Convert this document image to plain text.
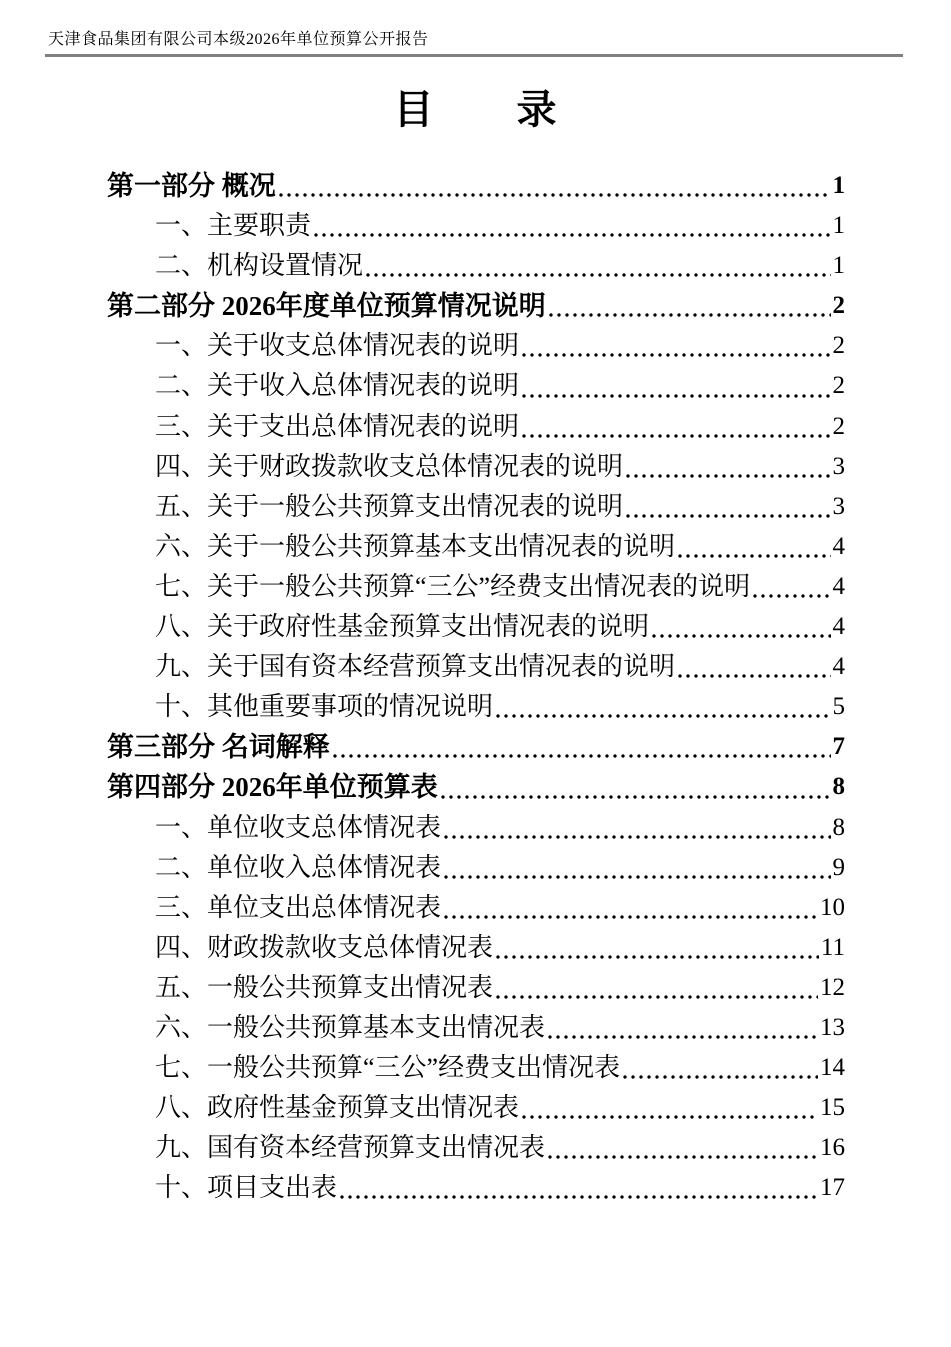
天津食品集团有限公司本级2026年单位预算公开报告
目　　录
第一部分 概况	1
一、主要职责	1
二、机构设置情况	1
第二部分 2026年度单位预算情况说明	2
一、关于收支总体情况表的说明	2
二、关于收入总体情况表的说明	2
三、关于支出总体情况表的说明	2
四、关于财政拨款收支总体情况表的说明	3
五、关于一般公共预算支出情况表的说明	3
六、关于一般公共预算基本支出情况表的说明	4
七、关于一般公共预算“三公”经费支出情况表的说明	4
八、关于政府性基金预算支出情况表的说明	4
九、关于国有资本经营预算支出情况表的说明	4
十、其他重要事项的情况说明	5
第三部分 名词解释	7
第四部分 2026年单位预算表	8
一、单位收支总体情况表	8
二、单位收入总体情况表	9
三、单位支出总体情况表	10
四、财政拨款收支总体情况表	11
五、一般公共预算支出情况表	12
六、一般公共预算基本支出情况表	13
七、一般公共预算“三公”经费支出情况表	14
八、政府性基金预算支出情况表	15
九、国有资本经营预算支出情况表	16
十、项目支出表	17
